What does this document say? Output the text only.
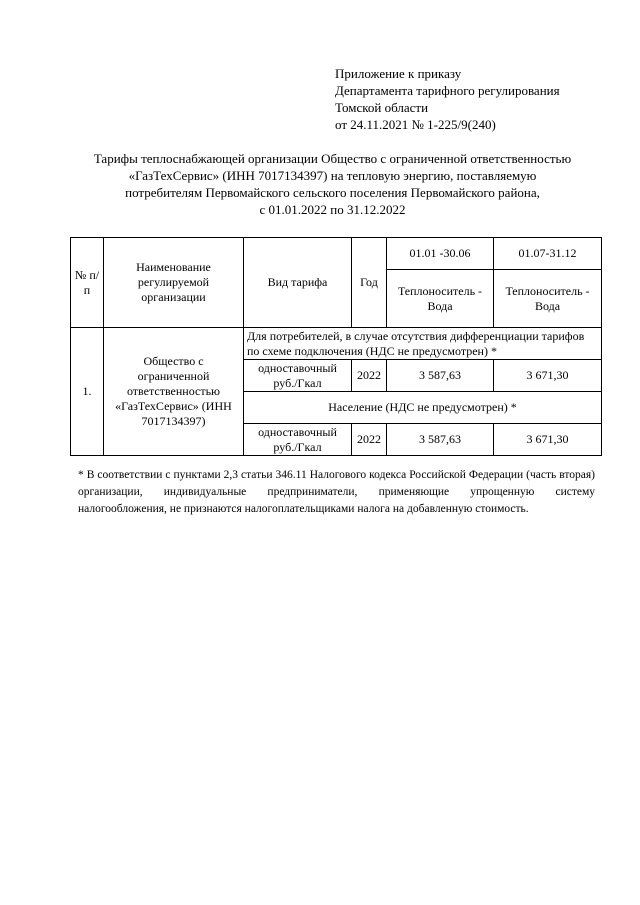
Приложение к приказу
Департамента тарифного регулирования
Томской области
от 24.11.2021 № 1-225/9(240)
Тарифы теплоснабжающей организации Общество с ограниченной ответственностью
«ГазТехСервис» (ИНН 7017134397) на тепловую энергию, поставляемую
потребителям Первомайского сельского поселения Первомайского района,
с 01.01.2022 по 31.12.2022
№ п/п	Наименование регулируемой организации	Вид тарифа	Год	01.01 -30.06	01.07-31.12
				Теплоноситель - Вода	Теплоноситель - Вода
1.	Общество с ограниченной ответственностью «ГазТехСервис» (ИНН 7017134397)	Для потребителей, в случае отсутствия дифференциации тарифов по схеме подключения (НДС не предусмотрен) *			
		одноставочный руб./Гкал	2022	3 587,63	3 671,30
		Население (НДС не предусмотрен) *			
		одноставочный руб./Гкал	2022	3 587,63	3 671,30
* В соответствии с пунктами 2,3 статьи 346.11 Налогового кодекса Российской Федерации (часть вторая) организации, индивидуальные предприниматели, применяющие упрощенную систему налогообложения, не признаются налогоплательщиками налога на добавленную стоимость.
